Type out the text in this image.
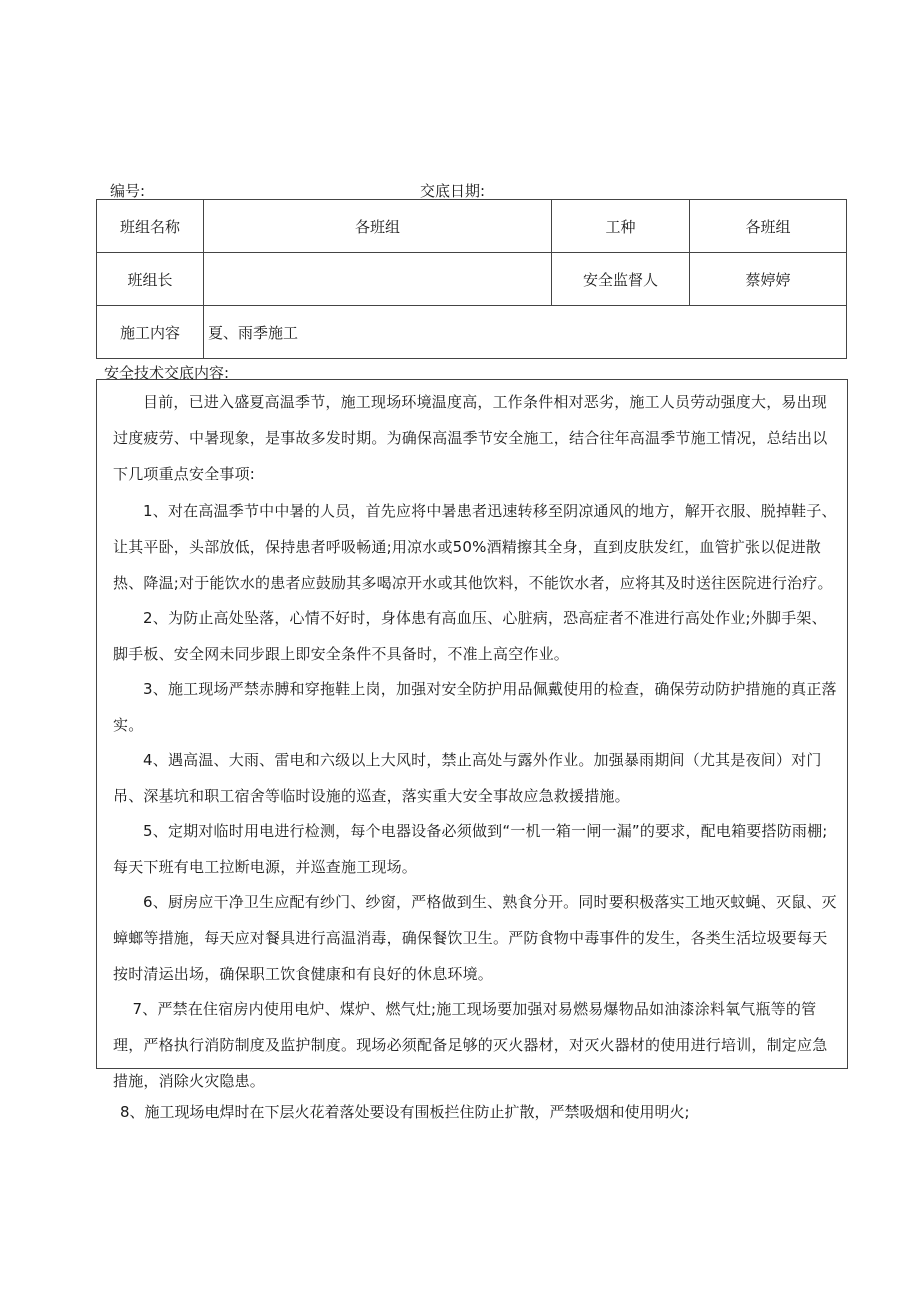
编号:	交底日期:
班组名称	各班组	工种	各班组
班组长		安全监督人	蔡婷婷
施工内容	夏、雨季施工		
安全技术交底内容:
目前，已进入盛夏高温季节，施工现场环境温度高，工作条件相对恶劣，施工人员劳动强度大，易出现过度疲劳、中暑现象，是事故多发时期。为确保高温季节安全施工，结合往年高温季节施工情况，总结出以下几项重点安全事项:
1、对在高温季节中中暑的人员，首先应将中暑患者迅速转移至阴凉通风的地方，解开衣服、脱掉鞋子、让其平卧，头部放低，保持患者呼吸畅通;用凉水或50%酒精擦其全身，直到皮肤发红，血管扩张以促进散热、降温;对于能饮水的患者应鼓励其多喝凉开水或其他饮料，不能饮水者，应将其及时送往医院进行治疗。
2、为防止高处坠落，心情不好时，身体患有高血压、心脏病，恐高症者不准进行高处作业;外脚手架、脚手板、安全网未同步跟上即安全条件不具备时，不准上高空作业。
3、施工现场严禁赤膊和穿拖鞋上岗，加强对安全防护用品佩戴使用的检查，确保劳动防护措施的真正落实。
4、遇高温、大雨、雷电和六级以上大风时，禁止高处与露外作业。加强暴雨期间（尤其是夜间）对门吊、深基坑和职工宿舍等临时设施的巡查，落实重大安全事故应急救援措施。
5、定期对临时用电进行检测，每个电器设备必须做到“一机一箱一闸一漏”的要求，配电箱要搭防雨棚;每天下班有电工拉断电源，并巡查施工现场。
6、厨房应干净卫生应配有纱门、纱窗，严格做到生、熟食分开。同时要积极落实工地灭蚊蝇、灭鼠、灭蟑螂等措施，每天应对餐具进行高温消毒，确保餐饮卫生。严防食物中毒事件的发生，各类生活垃圾要每天按时清运出场，确保职工饮食健康和有良好的休息环境。
7、严禁在住宿房内使用电炉、煤炉、燃气灶;施工现场要加强对易燃易爆物品如油漆涂料氧气瓶等的管理，严格执行消防制度及监护制度。现场必须配备足够的灭火器材，对灭火器材的使用进行培训，制定应急措施，消除火灾隐患。
8、施工现场电焊时在下层火花着落处要设有围板拦住防止扩散，严禁吸烟和使用明火;
